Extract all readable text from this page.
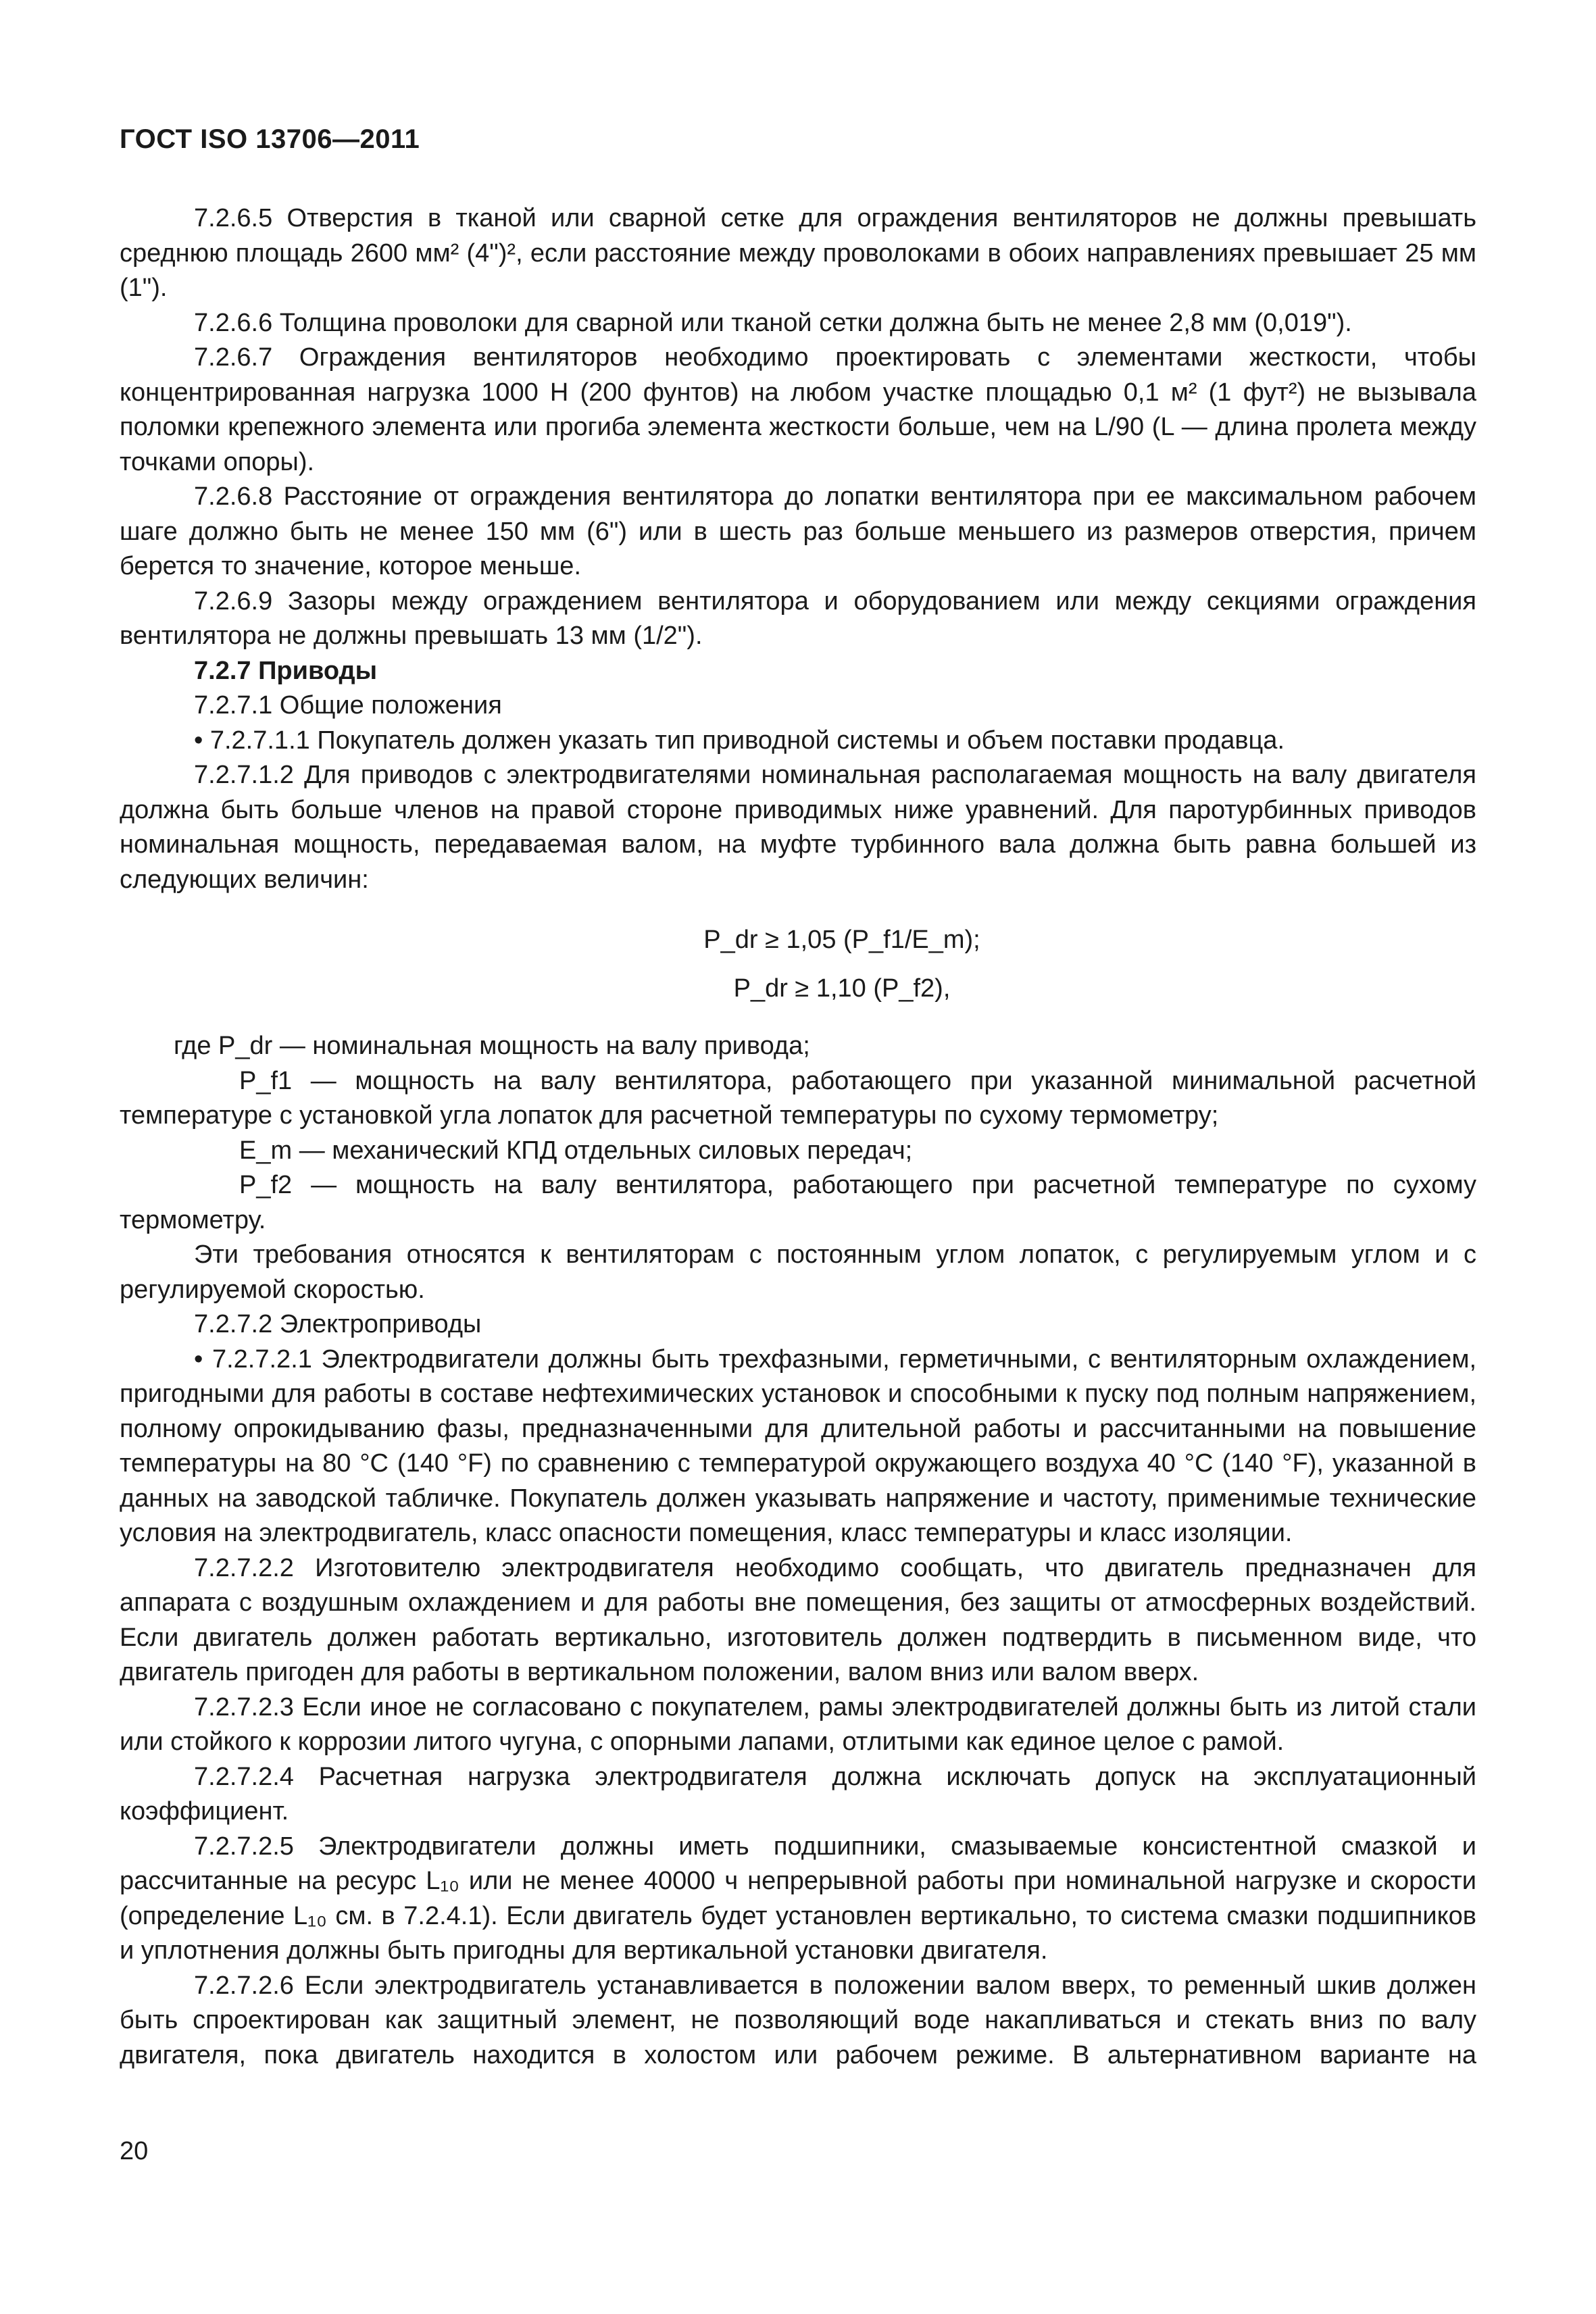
ГОСТ ISO 13706—2011

7.2.6.5 Отверстия в тканой или сварной сетке для ограждения вентиляторов не должны превышать среднюю площадь 2600 мм² (4")², если расстояние между проволоками в обоих направлениях превышает 25 мм (1").

7.2.6.6 Толщина проволоки для сварной или тканой сетки должна быть не менее 2,8 мм (0,019").

7.2.6.7 Ограждения вентиляторов необходимо проектировать с элементами жесткости, чтобы концентрированная нагрузка 1000 Н (200 фунтов) на любом участке площадью 0,1 м² (1 фут²) не вызывала поломки крепежного элемента или прогиба элемента жесткости больше, чем на L/90 (L — длина пролета между точками опоры).

7.2.6.8 Расстояние от ограждения вентилятора до лопатки вентилятора при ее максимальном рабочем шаге должно быть не менее 150 мм (6") или в шесть раз больше меньшего из размеров отверстия, причем берется то значение, которое меньше.

7.2.6.9 Зазоры между ограждением вентилятора и оборудованием или между секциями ограждения вентилятора не должны превышать 13 мм (1/2").

7.2.7 Приводы

7.2.7.1 Общие положения

• 7.2.7.1.1 Покупатель должен указать тип приводной системы и объем поставки продавца.

7.2.7.1.2 Для приводов с электродвигателями номинальная располагаемая мощность на валу двигателя должна быть больше членов на правой стороне приводимых ниже уравнений. Для паротурбинных приводов номинальная мощность, передаваемая валом, на муфте турбинного вала должна быть равна большей из следующих величин:

P_dr ≥ 1,05 (P_f1/E_m);

P_dr ≥ 1,10 (P_f2),

где P_dr — номинальная мощность на валу привода;

P_f1 — мощность на валу вентилятора, работающего при указанной минимальной расчетной температуре с установкой угла лопаток для расчетной температуры по сухому термометру;

E_m — механический КПД отдельных силовых передач;

P_f2 — мощность на валу вентилятора, работающего при расчетной температуре по сухому термометру.

Эти требования относятся к вентиляторам с постоянным углом лопаток, с регулируемым углом и с регулируемой скоростью.

7.2.7.2 Электроприводы

• 7.2.7.2.1 Электродвигатели должны быть трехфазными, герметичными, с вентиляторным охлаждением, пригодными для работы в составе нефтехимических установок и способными к пуску под полным напряжением, полному опрокидыванию фазы, предназначенными для длительной работы и рассчитанными на повышение температуры на 80 °С (140 °F) по сравнению с температурой окружающего воздуха 40 °С (140 °F), указанной в данных на заводской табличке. Покупатель должен указывать напряжение и частоту, применимые технические условия на электродвигатель, класс опасности помещения, класс температуры и класс изоляции.

7.2.7.2.2 Изготовителю электродвигателя необходимо сообщать, что двигатель предназначен для аппарата с воздушным охлаждением и для работы вне помещения, без защиты от атмосферных воздействий. Если двигатель должен работать вертикально, изготовитель должен подтвердить в письменном виде, что двигатель пригоден для работы в вертикальном положении, валом вниз или валом вверх.

7.2.7.2.3 Если иное не согласовано с покупателем, рамы электродвигателей должны быть из литой стали или стойкого к коррозии литого чугуна, с опорными лапами, отлитыми как единое целое с рамой.

7.2.7.2.4 Расчетная нагрузка электродвигателя должна исключать допуск на эксплуатационный коэффициент.

7.2.7.2.5 Электродвигатели должны иметь подшипники, смазываемые консистентной смазкой и рассчитанные на ресурс L₁₀ или не менее 40000 ч непрерывной работы при номинальной нагрузке и скорости (определение L₁₀ см. в 7.2.4.1). Если двигатель будет установлен вертикально, то система смазки подшипников и уплотнения должны быть пригодны для вертикальной установки двигателя.

7.2.7.2.6 Если электродвигатель устанавливается в положении валом вверх, то ременный шкив должен быть спроектирован как защитный элемент, не позволяющий воде накапливаться и стекать вниз по валу двигателя, пока двигатель находится в холостом или рабочем режиме. В альтернативном варианте на

20
